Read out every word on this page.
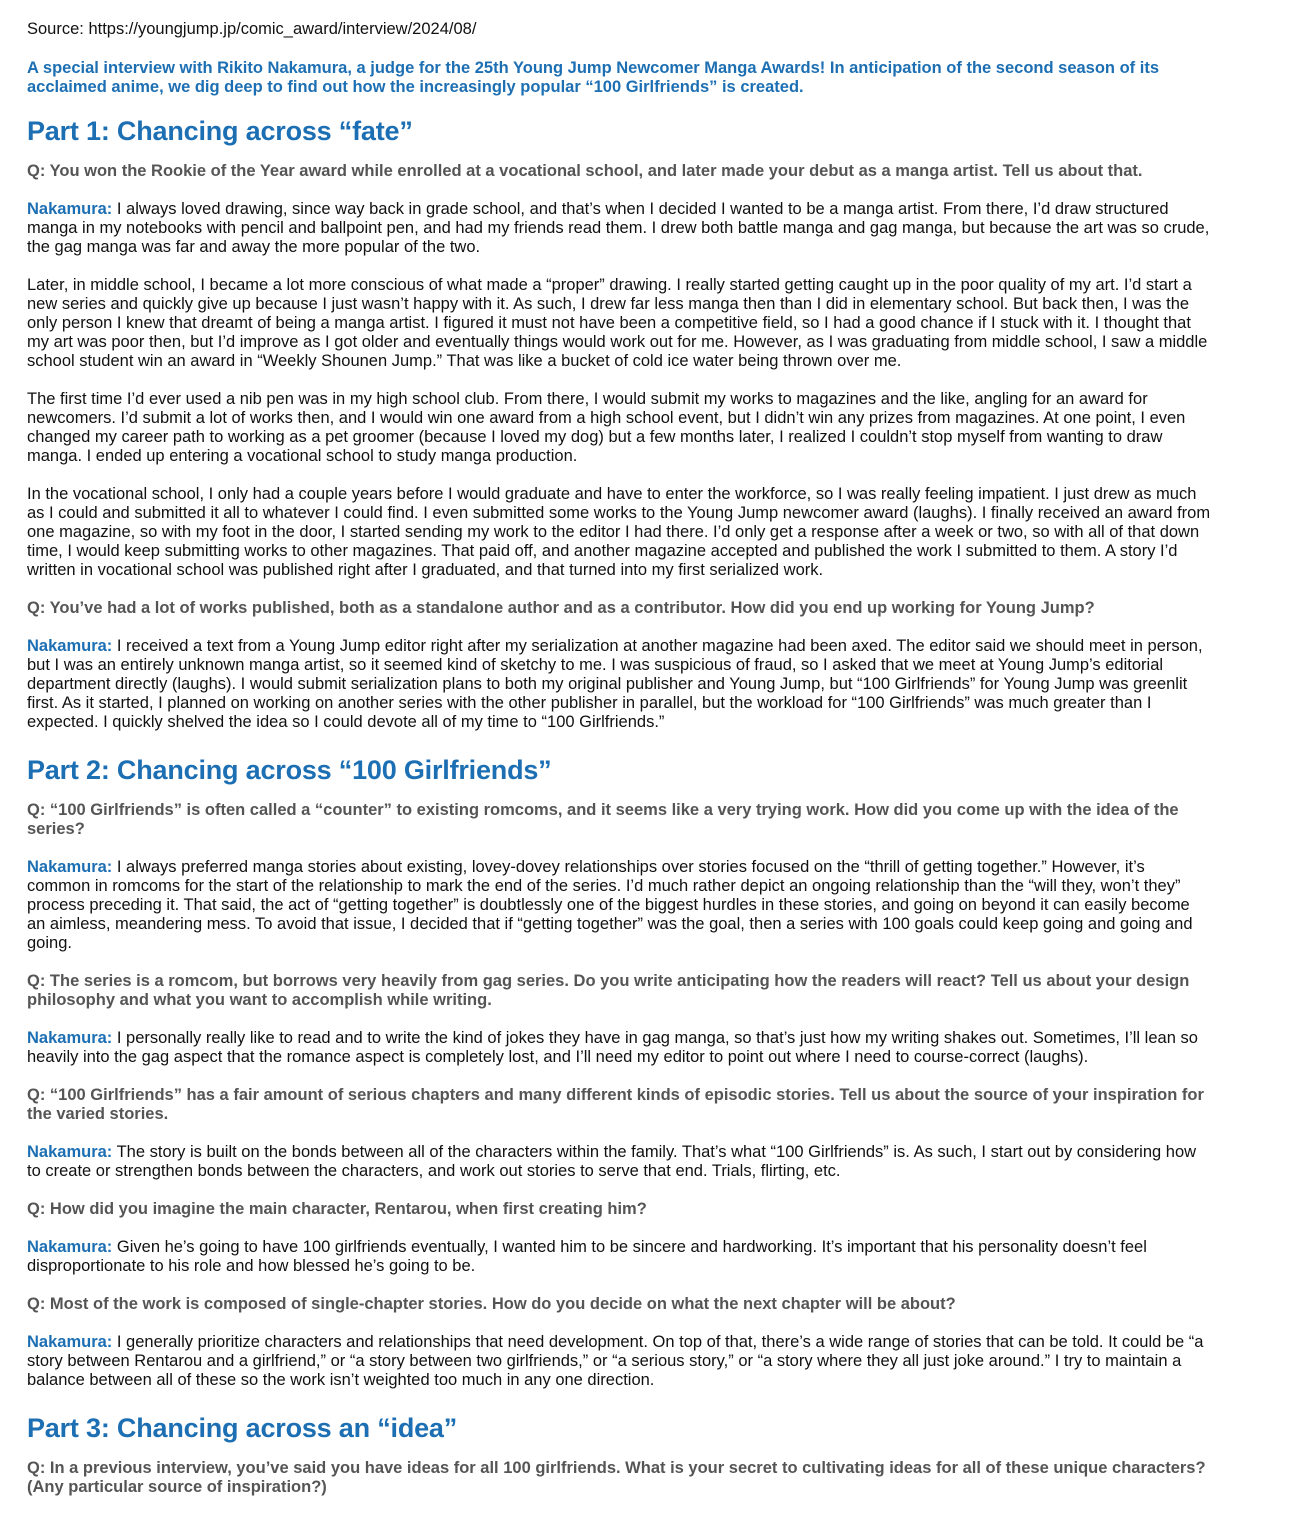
Source: https://youngjump.jp/comic_award/interview/2024/08/
A special interview with Rikito Nakamura, a judge for the 25th Young Jump Newcomer Manga Awards! In anticipation of the second season of its acclaimed anime, we dig deep to find out how the increasingly popular “100 Girlfriends” is created.
Part 1: Chancing across “fate”
Q: You won the Rookie of the Year award while enrolled at a vocational school, and later made your debut as a manga artist. Tell us about that.
Nakamura: I always loved drawing, since way back in grade school, and that’s when I decided I wanted to be a manga artist. From there, I’d draw structured manga in my notebooks with pencil and ballpoint pen, and had my friends read them. I drew both battle manga and gag manga, but because the art was so crude, the gag manga was far and away the more popular of the two.
Later, in middle school, I became a lot more conscious of what made a “proper” drawing. I really started getting caught up in the poor quality of my art. I’d start a new series and quickly give up because I just wasn’t happy with it. As such, I drew far less manga then than I did in elementary school. But back then, I was the only person I knew that dreamt of being a manga artist. I figured it must not have been a competitive field, so I had a good chance if I stuck with it. I thought that my art was poor then, but I’d improve as I got older and eventually things would work out for me. However, as I was graduating from middle school, I saw a middle school student win an award in “Weekly Shounen Jump.” That was like a bucket of cold ice water being thrown over me.
The first time I’d ever used a nib pen was in my high school club. From there, I would submit my works to magazines and the like, angling for an award for newcomers. I’d submit a lot of works then, and I would win one award from a high school event, but I didn’t win any prizes from magazines. At one point, I even changed my career path to working as a pet groomer (because I loved my dog) but a few months later, I realized I couldn’t stop myself from wanting to draw manga. I ended up entering a vocational school to study manga production.
In the vocational school, I only had a couple years before I would graduate and have to enter the workforce, so I was really feeling impatient. I just drew as much as I could and submitted it all to whatever I could find. I even submitted some works to the Young Jump newcomer award (laughs). I finally received an award from one magazine, so with my foot in the door, I started sending my work to the editor I had there. I’d only get a response after a week or two, so with all of that down time, I would keep submitting works to other magazines. That paid off, and another magazine accepted and published the work I submitted to them. A story I’d written in vocational school was published right after I graduated, and that turned into my first serialized work.
Q: You’ve had a lot of works published, both as a standalone author and as a contributor. How did you end up working for Young Jump?
Nakamura: I received a text from a Young Jump editor right after my serialization at another magazine had been axed. The editor said we should meet in person, but I was an entirely unknown manga artist, so it seemed kind of sketchy to me. I was suspicious of fraud, so I asked that we meet at Young Jump’s editorial department directly (laughs). I would submit serialization plans to both my original publisher and Young Jump, but “100 Girlfriends” for Young Jump was greenlit first. As it started, I planned on working on another series with the other publisher in parallel, but the workload for “100 Girlfriends” was much greater than I expected. I quickly shelved the idea so I could devote all of my time to “100 Girlfriends.”
Part 2: Chancing across “100 Girlfriends”
Q: “100 Girlfriends” is often called a “counter” to existing romcoms, and it seems like a very trying work. How did you come up with the idea of the series?
Nakamura: I always preferred manga stories about existing, lovey-dovey relationships over stories focused on the “thrill of getting together.” However, it’s common in romcoms for the start of the relationship to mark the end of the series. I’d much rather depict an ongoing relationship than the “will they, won’t they” process preceding it. That said, the act of “getting together” is doubtlessly one of the biggest hurdles in these stories, and going on beyond it can easily become an aimless, meandering mess. To avoid that issue, I decided that if “getting together” was the goal, then a series with 100 goals could keep going and going and going.
Q: The series is a romcom, but borrows very heavily from gag series. Do you write anticipating how the readers will react? Tell us about your design philosophy and what you want to accomplish while writing.
Nakamura: I personally really like to read and to write the kind of jokes they have in gag manga, so that’s just how my writing shakes out. Sometimes, I’ll lean so heavily into the gag aspect that the romance aspect is completely lost, and I’ll need my editor to point out where I need to course-correct (laughs).
Q: “100 Girlfriends” has a fair amount of serious chapters and many different kinds of episodic stories. Tell us about the source of your inspiration for the varied stories.
Nakamura: The story is built on the bonds between all of the characters within the family. That’s what “100 Girlfriends” is. As such, I start out by considering how to create or strengthen bonds between the characters, and work out stories to serve that end. Trials, flirting, etc.
Q: How did you imagine the main character, Rentarou, when first creating him?
Nakamura: Given he’s going to have 100 girlfriends eventually, I wanted him to be sincere and hardworking. It’s important that his personality doesn’t feel disproportionate to his role and how blessed he’s going to be.
Q: Most of the work is composed of single-chapter stories. How do you decide on what the next chapter will be about?
Nakamura: I generally prioritize characters and relationships that need development. On top of that, there’s a wide range of stories that can be told. It could be “a story between Rentarou and a girlfriend,” or “a story between two girlfriends,” or “a serious story,” or “a story where they all just joke around.” I try to maintain a balance between all of these so the work isn’t weighted too much in any one direction.
Part 3: Chancing across an “idea”
Q: In a previous interview, you’ve said you have ideas for all 100 girlfriends. What is your secret to cultivating ideas for all of these unique characters? (Any particular source of inspiration?)
